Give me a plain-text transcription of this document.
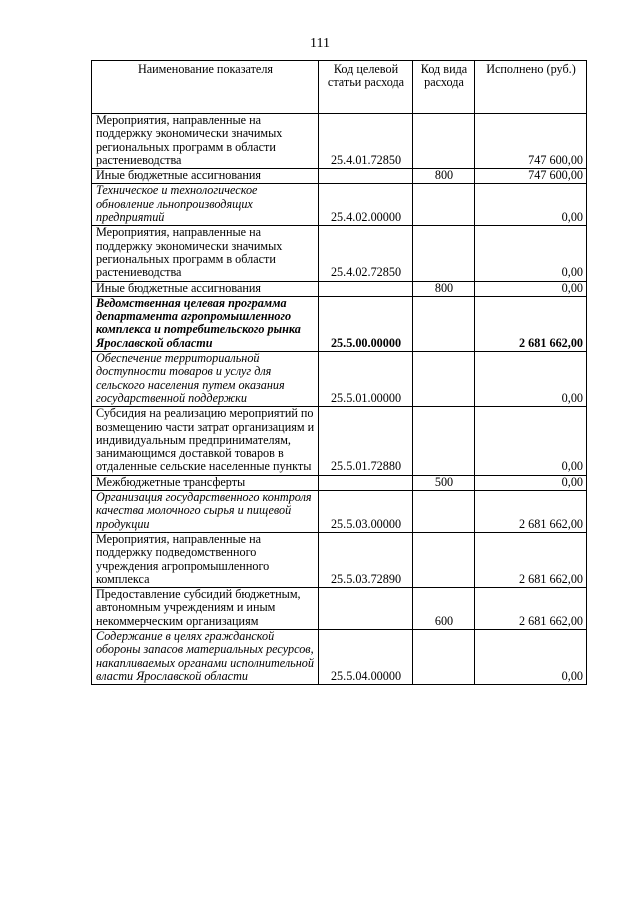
111
Наименование показателя	Код целевой статьи расхода	Код вида расхода	Исполнено (руб.)
Мероприятия, направленные на поддержку экономически значимых региональных программ в области растениеводства	25.4.01.72850		747 600,00
Иные бюджетные ассигнования		800	747 600,00
Техническое и технологическое обновление льнопроизводящих предприятий	25.4.02.00000		0,00
Мероприятия, направленные на поддержку экономически значимых региональных программ в области растениеводства	25.4.02.72850		0,00
Иные бюджетные ассигнования		800	0,00
Ведомственная целевая программа департамента агропромышленного комплекса и потребительского рынка Ярославской области	25.5.00.00000		2 681 662,00
Обеспечение территориальной доступности товаров и услуг для сельского населения путем оказания государственной поддержки	25.5.01.00000		0,00
Субсидия на реализацию мероприятий по возмещению части затрат организациям и индивидуальным предпринимателям, занимающимся доставкой товаров в отдаленные сельские населенные пункты	25.5.01.72880		0,00
Межбюджетные трансферты		500	0,00
Организация государственного контроля качества молочного сырья и пищевой продукции	25.5.03.00000		2 681 662,00
Мероприятия, направленные на поддержку подведомственного учреждения агропромышленного комплекса	25.5.03.72890		2 681 662,00
Предоставление субсидий бюджетным, автономным учреждениям и иным некоммерческим организациям		600	2 681 662,00
Содержание в целях гражданской обороны запасов материальных ресурсов, накапливаемых органами исполнительной власти Ярославской области	25.5.04.00000		0,00
